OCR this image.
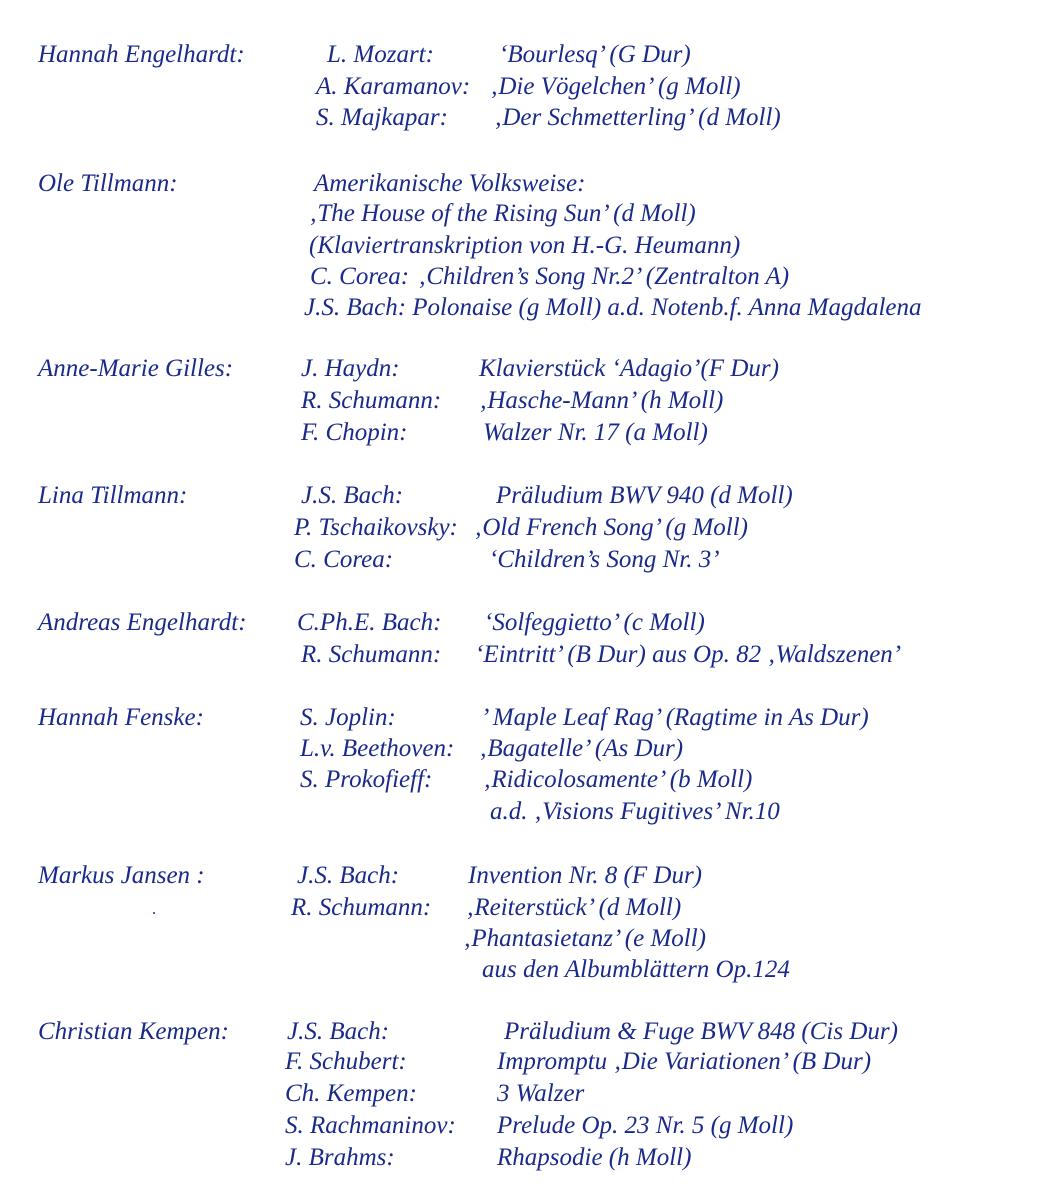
Hannah Engelhardt:	L. Mozart:	‘Bourlesq’ (G Dur)
A. Karamanov: ‚Die Vögelchen’ (g Moll)
S. Majkapar: ‚Der Schmetterling’ (d Moll)
Ole Tillmann:	Amerikanische Volksweise:
‚The House of the Rising Sun’ (d Moll)
(Klaviertranskription von H.-G. Heumann)
C. Corea: ‚Children’s Song Nr.2’ (Zentralton A)
J.S. Bach: Polonaise (g Moll) a.d. Notenb.f. Anna Magdalena
Anne-Marie Gilles:	J. Haydn:	Klavierstück ‘Adagio’(F Dur)
R. Schumann: ‚Hasche-Mann’ (h Moll)
F. Chopin:	Walzer Nr. 17 (a Moll)
Lina Tillmann:	J.S. Bach:	Präludium BWV 940 (d Moll)
P. Tschaikovsky: ‚Old French Song’ (g Moll)
C. Corea:	‘Children’s Song Nr. 3’
Andreas Engelhardt: C.Ph.E. Bach: ‘Solfeggietto’ (c Moll)
R. Schumann: ‘Eintritt’ (B Dur) aus Op. 82 ‚Waldszenen’
Hannah Fenske:	S. Joplin:	’ Maple Leaf Rag’ (Ragtime in As Dur)
L.v. Beethoven: ‚Bagatelle’ (As Dur)
S. Prokofieff: ‚Ridicolosamente’ (b Moll)
a.d. ‚Visions Fugitives’ Nr.10
Markus Jansen :	J.S. Bach:	Invention Nr. 8 (F Dur)
R. Schumann: ‚Reiterstück’ (d Moll)
‚Phantasietanz’ (e Moll)
aus den Albumblättern Op.124
Christian Kempen: J.S. Bach:	Präludium & Fuge BWV 848 (Cis Dur)
F. Schubert:	Impromptu ‚Die Variationen’ (B Dur)
Ch. Kempen:	3 Walzer
S. Rachmaninov: Prelude Op. 23 Nr. 5 (g Moll)
J. Brahms:	Rhapsodie (h Moll)
